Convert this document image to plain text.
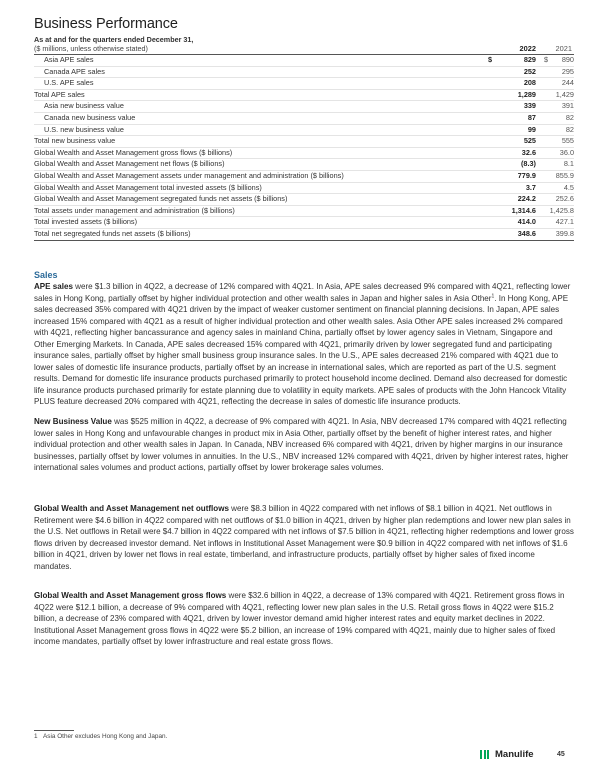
Business Performance
As at and for the quarters ended December 31,
($ millions, unless otherwise stated)	2022	2021
Asia APE sales	$	829	$	890
Canada APE sales		252		295
U.S. APE sales		208		244
Total APE sales		1,289		1,429
Asia new business value		339		391
Canada new business value		87		82
U.S. new business value		99		82
Total new business value		525		555
Global Wealth and Asset Management gross flows ($ billions)		32.6		36.0
Global Wealth and Asset Management net flows ($ billions)		(8.3)		8.1
Global Wealth and Asset Management assets under management and administration ($ billions)		779.9		855.9
Global Wealth and Asset Management total invested assets ($ billions)		3.7		4.5
Global Wealth and Asset Management segregated funds net assets ($ billions)		224.2		252.6
Total assets under management and administration ($ billions)		1,314.6		1,425.8
Total invested assets ($ billions)		414.0		427.1
Total net segregated funds net assets ($ billions)		348.6		399.8
Sales
APE sales were $1.3 billion in 4Q22, a decrease of 12% compared with 4Q21. In Asia, APE sales decreased 9% compared with 4Q21, reflecting lower sales in Hong Kong, partially offset by higher individual protection and other wealth sales in Japan and higher sales in Asia Other$^1$. In Hong Kong, APE sales decreased 35% compared with 4Q21 driven by the impact of weaker customer sentiment on financial planning decisions. In Japan, APE sales increased 15% compared with 4Q21 as a result of higher individual protection and other wealth sales. Asia Other APE sales increased 2% compared with 4Q21, reflecting higher bancassurance and agency sales in mainland China, partially offset by lower agency sales in Vietnam, Singapore and Other Emerging Markets. In Canada, APE sales decreased 15% compared with 4Q21, primarily driven by lower segregated fund and participating insurance sales, partially offset by higher small business group insurance sales. In the U.S., APE sales decreased 21% compared with 4Q21 due to lower sales of domestic life insurance products, partially offset by an increase in international sales, which are reported as part of the U.S. segment results. Demand for domestic life insurance products purchased primarily to protect household income declined. Demand also decreased for domestic life insurance products purchased primarily for estate planning due to volatility in equity markets. APE sales of products with the John Hancock Vitality PLUS feature decreased 20% compared with 4Q21, reflecting the decrease in sales of domestic life insurance products.
New Business Value was $525 million in 4Q22, a decrease of 9% compared with 4Q21. In Asia, NBV decreased 17% compared with 4Q21 reflecting lower sales in Hong Kong and unfavourable changes in product mix in Asia Other, partially offset by the benefit of higher interest rates, and higher individual protection and other wealth sales in Japan. In Canada, NBV increased 6% compared with 4Q21, driven by higher margins in our insurance businesses, partially offset by lower volumes in annuities. In the U.S., NBV increased 12% compared with 4Q21, driven by higher interest rates, higher international sales volumes and product actions, partially offset by lower brokerage sales volumes.
Global Wealth and Asset Management net outflows were $8.3 billion in 4Q22 compared with net inflows of $8.1 billion in 4Q21. Net outflows in Retirement were $4.6 billion in 4Q22 compared with net outflows of $1.0 billion in 4Q21, driven by higher plan redemptions and lower new plan sales in the U.S. Net outflows in Retail were $4.7 billion in 4Q22 compared with net inflows of $7.5 billion in 4Q21, reflecting higher redemptions and lower gross flows driven by decreased investor demand. Net inflows in Institutional Asset Management were $0.9 billion in 4Q22 compared with net inflows of $1.6 billion in 4Q21, driven by lower net flows in real estate, timberland, and infrastructure products, partially offset by higher sales of fixed income mandates.
Global Wealth and Asset Management gross flows were $32.6 billion in 4Q22, a decrease of 13% compared with 4Q21. Retirement gross flows in 4Q22 were $12.1 billion, a decrease of 9% compared with 4Q21, reflecting lower new plan sales in the U.S. Retail gross flows in 4Q22 were $15.2 billion, a decrease of 23% compared with 4Q21, driven by lower investor demand amid higher interest rates and equity market declines in 2022. Institutional Asset Management gross flows in 4Q22 were $5.2 billion, an increase of 19% compared with 4Q21, mainly due to higher sales of fixed income mandates, partially offset by lower infrastructure and real estate gross flows.
1 Asia Other excludes Hong Kong and Japan.
Manulife	45
